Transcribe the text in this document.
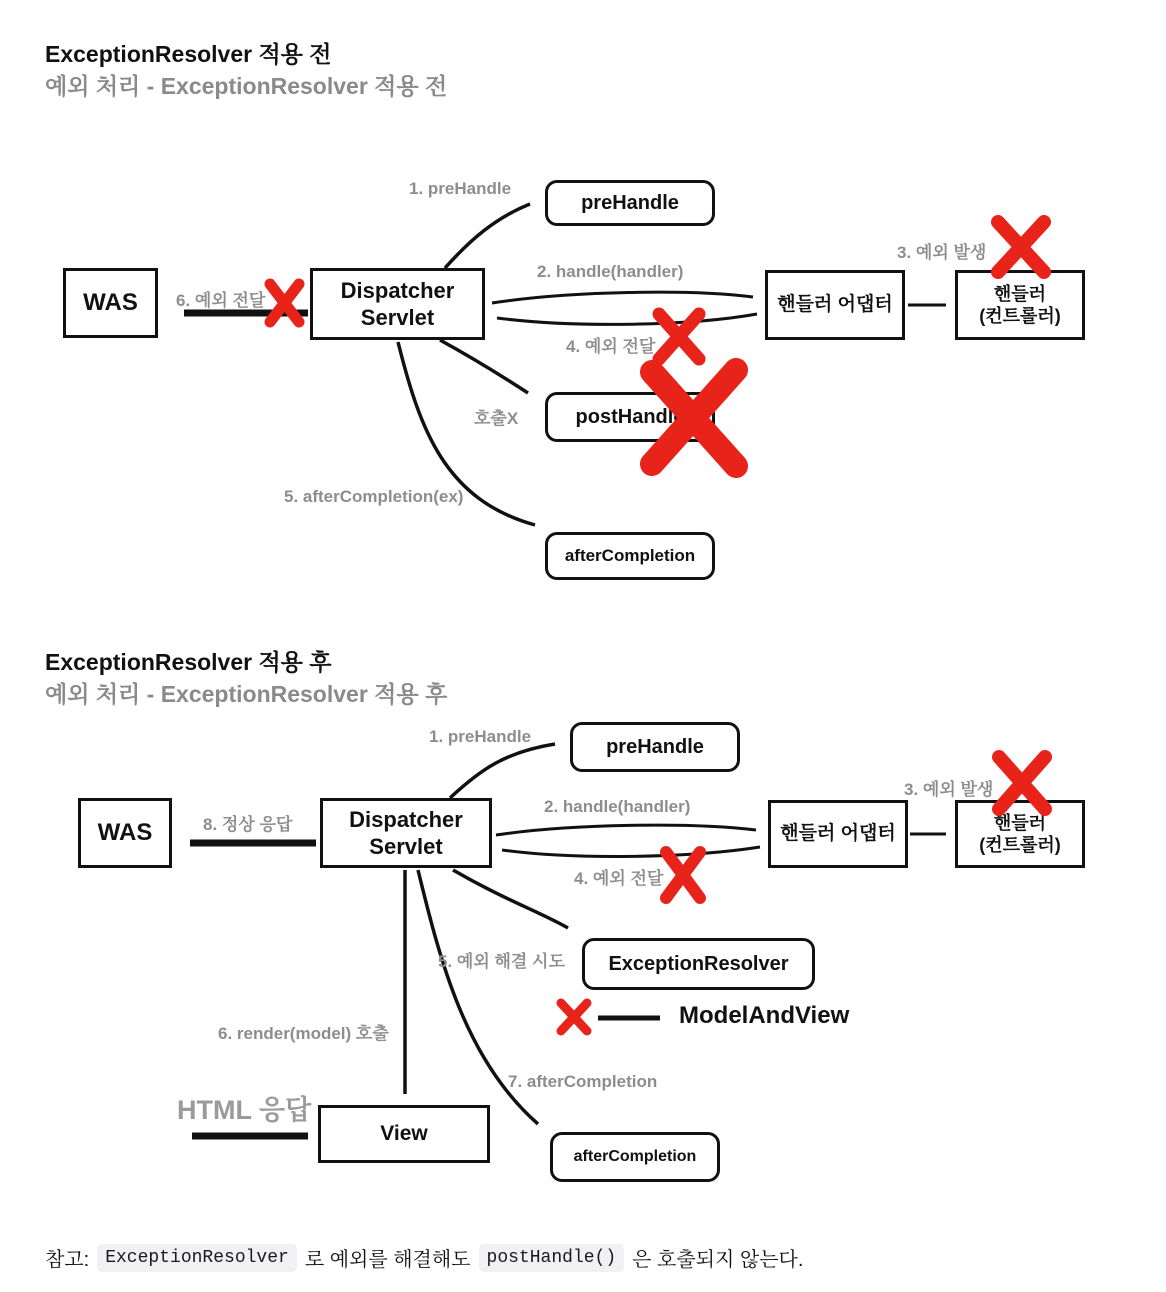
ExceptionResolver 적용 전
예외 처리 - ExceptionResolver 적용 전
ExceptionResolver 적용 후
예외 처리 - ExceptionResolver 적용 후
preHandle
WAS	Dispatcher
Servlet
핸들러 어댑터
핸들러
(컨트롤러)
postHandle
afterCompletion
1. preHandle
2. handle(handler)
3. 예외 발생
4. 예외 전달
5. afterCompletion(ex)
6. 예외 전달
호출X
preHandle
WAS	Dispatcher
Servlet
핸들러 어댑터
핸들러
(컨트롤러)
ExceptionResolver
View
afterCompletion
1. preHandle
2. handle(handler)
3. 예외 발생
4. 예외 전달
5. 예외 해결 시도
6. render(model) 호출
7. afterCompletion
8. 정상 응답
HTML 응답
ModelAndView
참고: ExceptionResolver 로 예외를 해결해도 postHandle() 은 호출되지 않는다.
